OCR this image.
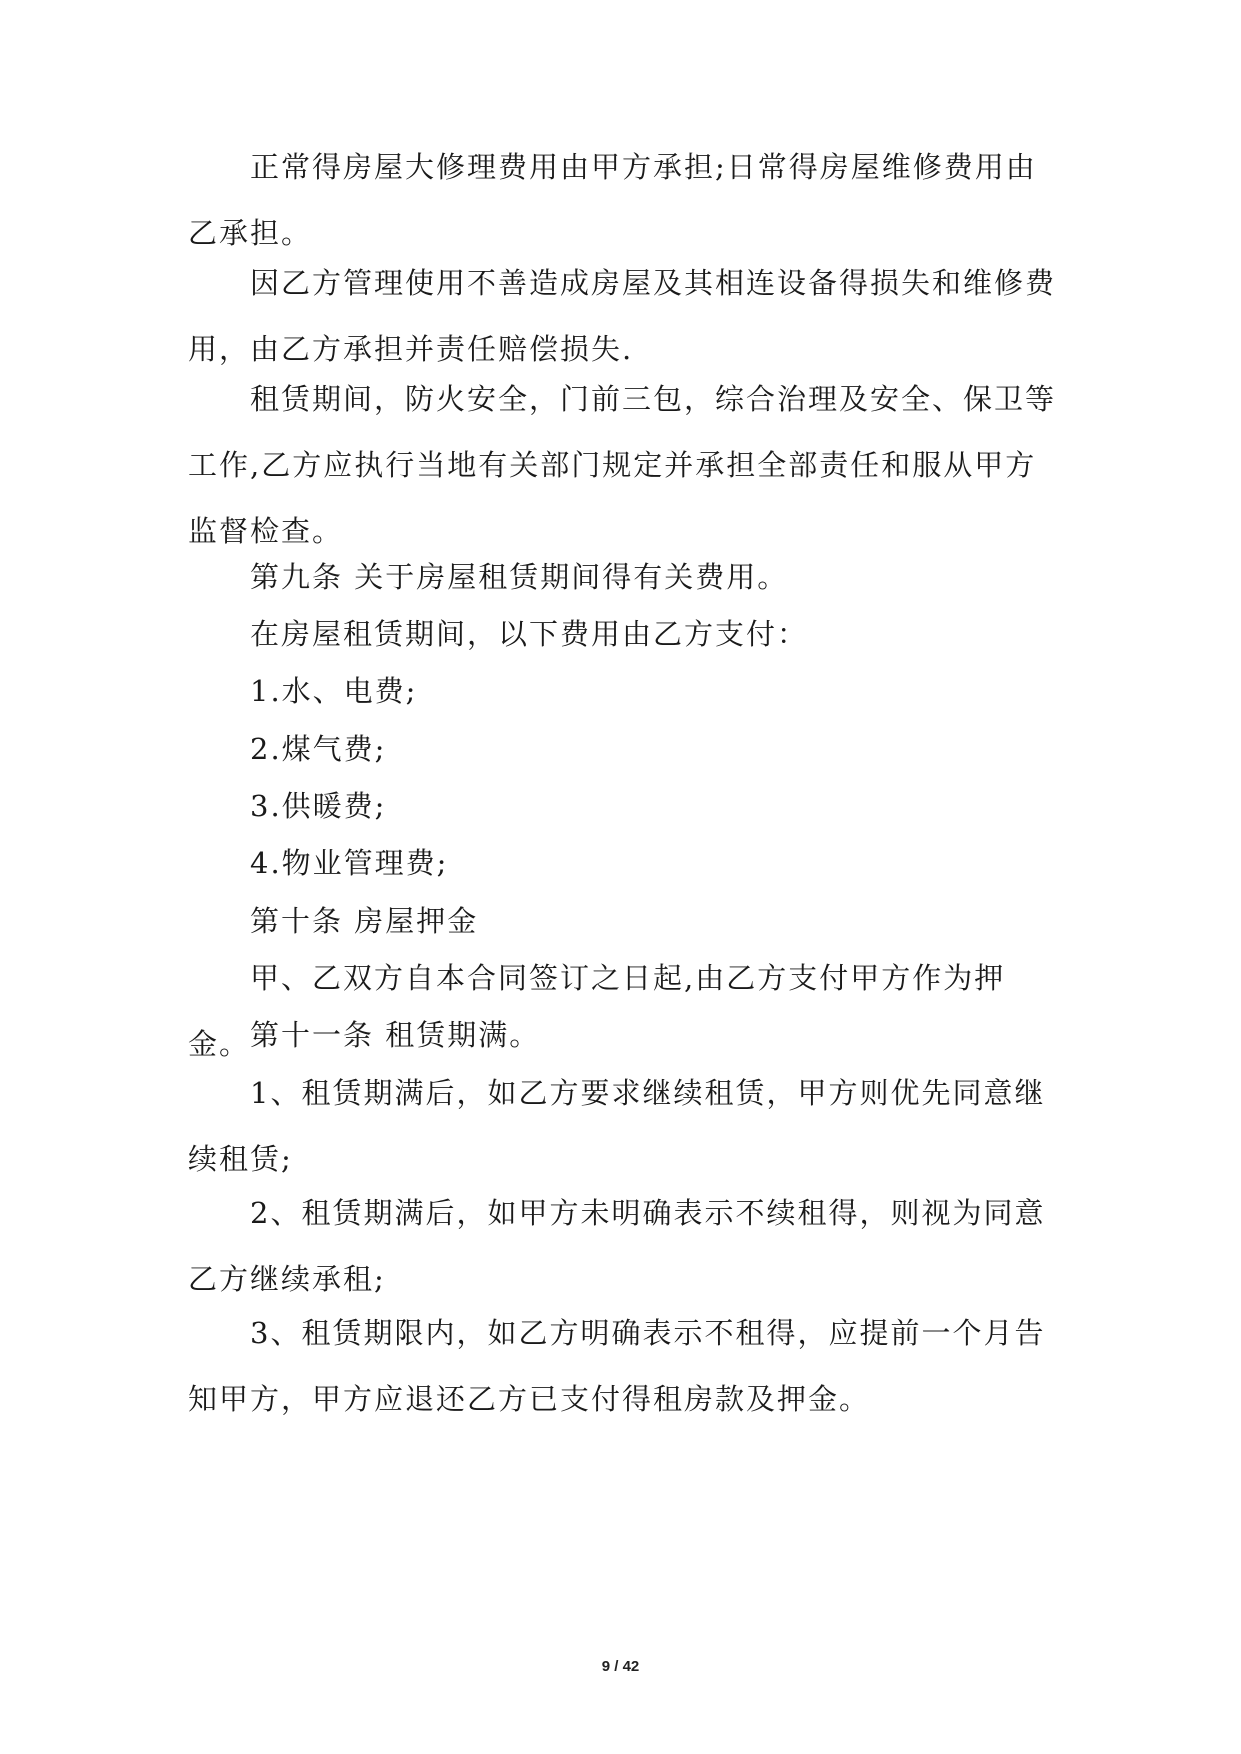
正常得房屋大修理费用由甲方承担;日常得房屋维修费用由乙承担。

因乙方管理使用不善造成房屋及其相连设备得损失和维修费用，由乙方承担并责任赔偿损失.

租赁期间，防火安全，门前三包，综合治理及安全、保卫等工作,乙方应执行当地有关部门规定并承担全部责任和服从甲方监督检查。

第九条 关于房屋租赁期间得有关费用。

在房屋租赁期间，以下费用由乙方支付：

1.水、电费;

2.煤气费;

3.供暖费;

4.物业管理费;

第十条 房屋押金

甲、乙双方自本合同签订之日起,由乙方支付甲方作为押金。 第十一条 租赁期满。

1、租赁期满后，如乙方要求继续租赁，甲方则优先同意继续租赁;

2、租赁期满后，如甲方未明确表示不续租得，则视为同意乙方继续承租;

3、租赁期限内，如乙方明确表示不租得，应提前一个月告知甲方，甲方应退还乙方已支付得租房款及押金。

9 / 42
